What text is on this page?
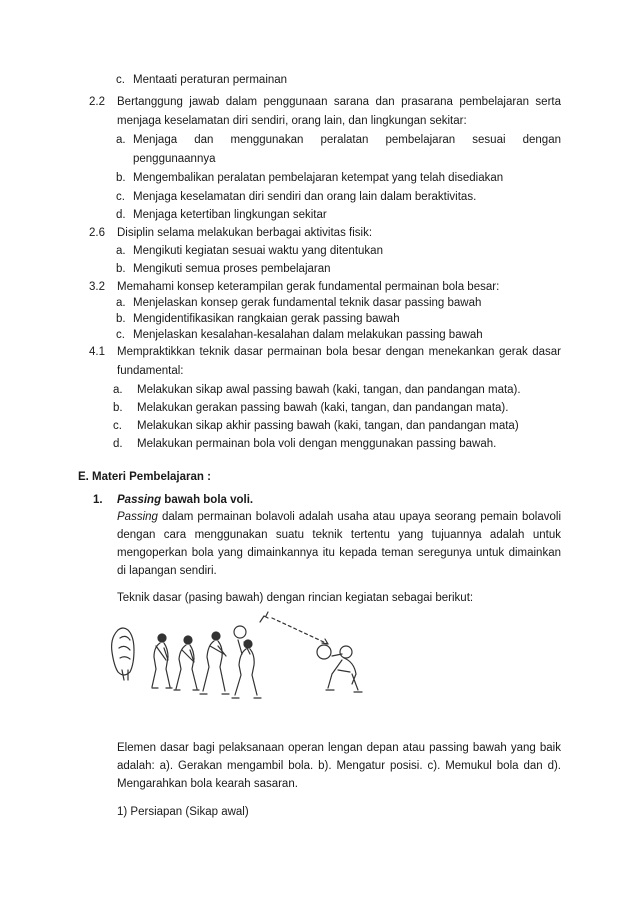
c. Mentaati peraturan permainan
2.2 Bertanggung jawab dalam penggunaan sarana dan prasarana pembelajaran serta
menjaga keselamatan diri sendiri, orang lain, dan lingkungan sekitar:
a. Menjaga dan menggunakan peralatan pembelajaran sesuai dengan
penggunaannya
b. Mengembalikan peralatan pembelajaran ketempat yang telah disediakan
c. Menjaga keselamatan diri sendiri dan orang lain dalam beraktivitas.
d. Menjaga ketertiban lingkungan sekitar
2.6 Disiplin selama melakukan berbagai aktivitas fisik:
a. Mengikuti kegiatan sesuai waktu yang ditentukan
b. Mengikuti semua proses pembelajaran
3.2 Memahami konsep keterampilan gerak fundamental permainan bola besar:
a. Menjelaskan konsep gerak fundamental teknik dasar passing bawah
b. Mengidentifikasikan rangkaian gerak passing bawah
c. Menjelaskan kesalahan-kesalahan dalam melakukan passing bawah
4.1 Mempraktikkan teknik dasar permainan bola besar dengan menekankan gerak dasar
fundamental:
a. Melakukan sikap awal passing bawah (kaki, tangan, dan pandangan mata).
b. Melakukan gerakan passing bawah (kaki, tangan, dan pandangan mata).
c. Melakukan sikap akhir passing bawah (kaki, tangan, dan pandangan mata)
d. Melakukan permainan bola voli dengan menggunakan passing bawah.
E. Materi Pembelajaran :
1. Passing bawah bola voli.
Passing dalam permainan bolavoli adalah usaha atau upaya seorang pemain bolavoli
dengan cara menggunakan suatu teknik tertentu yang tujuannya adalah untuk
mengoperkan bola yang dimainkannya itu kepada teman seregunya untuk dimainkan
di lapangan sendiri.
Teknik dasar (pasing bawah) dengan rincian kegiatan sebagai berikut:
Elemen dasar bagi pelaksanaan operan lengan depan atau passing bawah yang baik
adalah: a). Gerakan mengambil bola. b). Mengatur posisi. c). Memukul bola dan d).
Mengarahkan bola kearah sasaran.
1) Persiapan (Sikap awal)
